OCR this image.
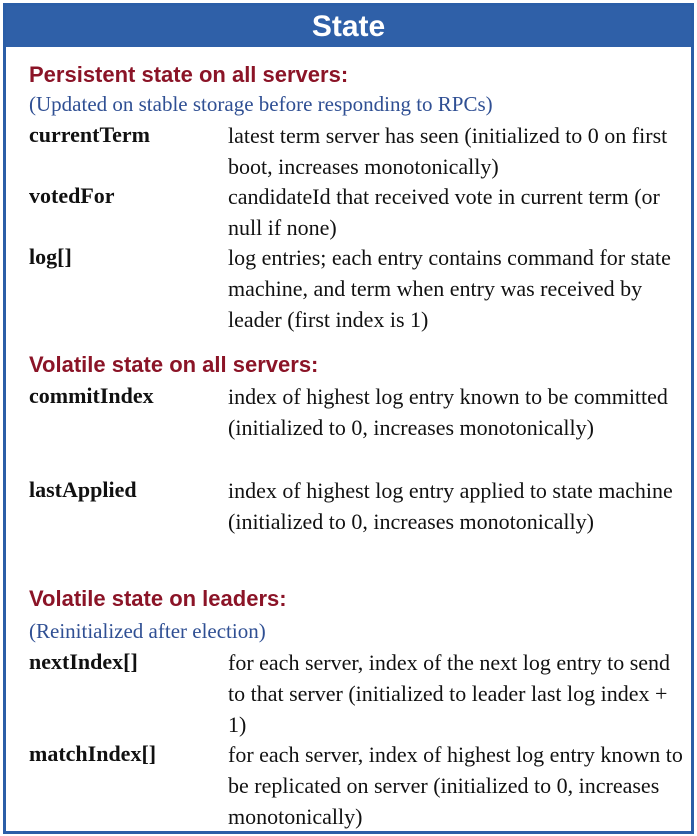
State
Persistent state on all servers:
(Updated on stable storage before responding to RPCs)
currentTerm	latest term server has seen (initialized to 0 on first boot, increases monotonically)
votedFor	candidateId that received vote in current term (or null if none)
log[]	log entries; each entry contains command for state machine, and term when entry was received by leader (first index is 1)
Volatile state on all servers:
commitIndex	index of highest log entry known to be committed (initialized to 0, increases monotonically)
lastApplied	index of highest log entry applied to state machine (initialized to 0, increases monotonically)
Volatile state on leaders:
(Reinitialized after election)
nextIndex[]	for each server, index of the next log entry to send to that server (initialized to leader last log index + 1)
matchIndex[]	for each server, index of highest log entry known to be replicated on server (initialized to 0, increases monotonically)
